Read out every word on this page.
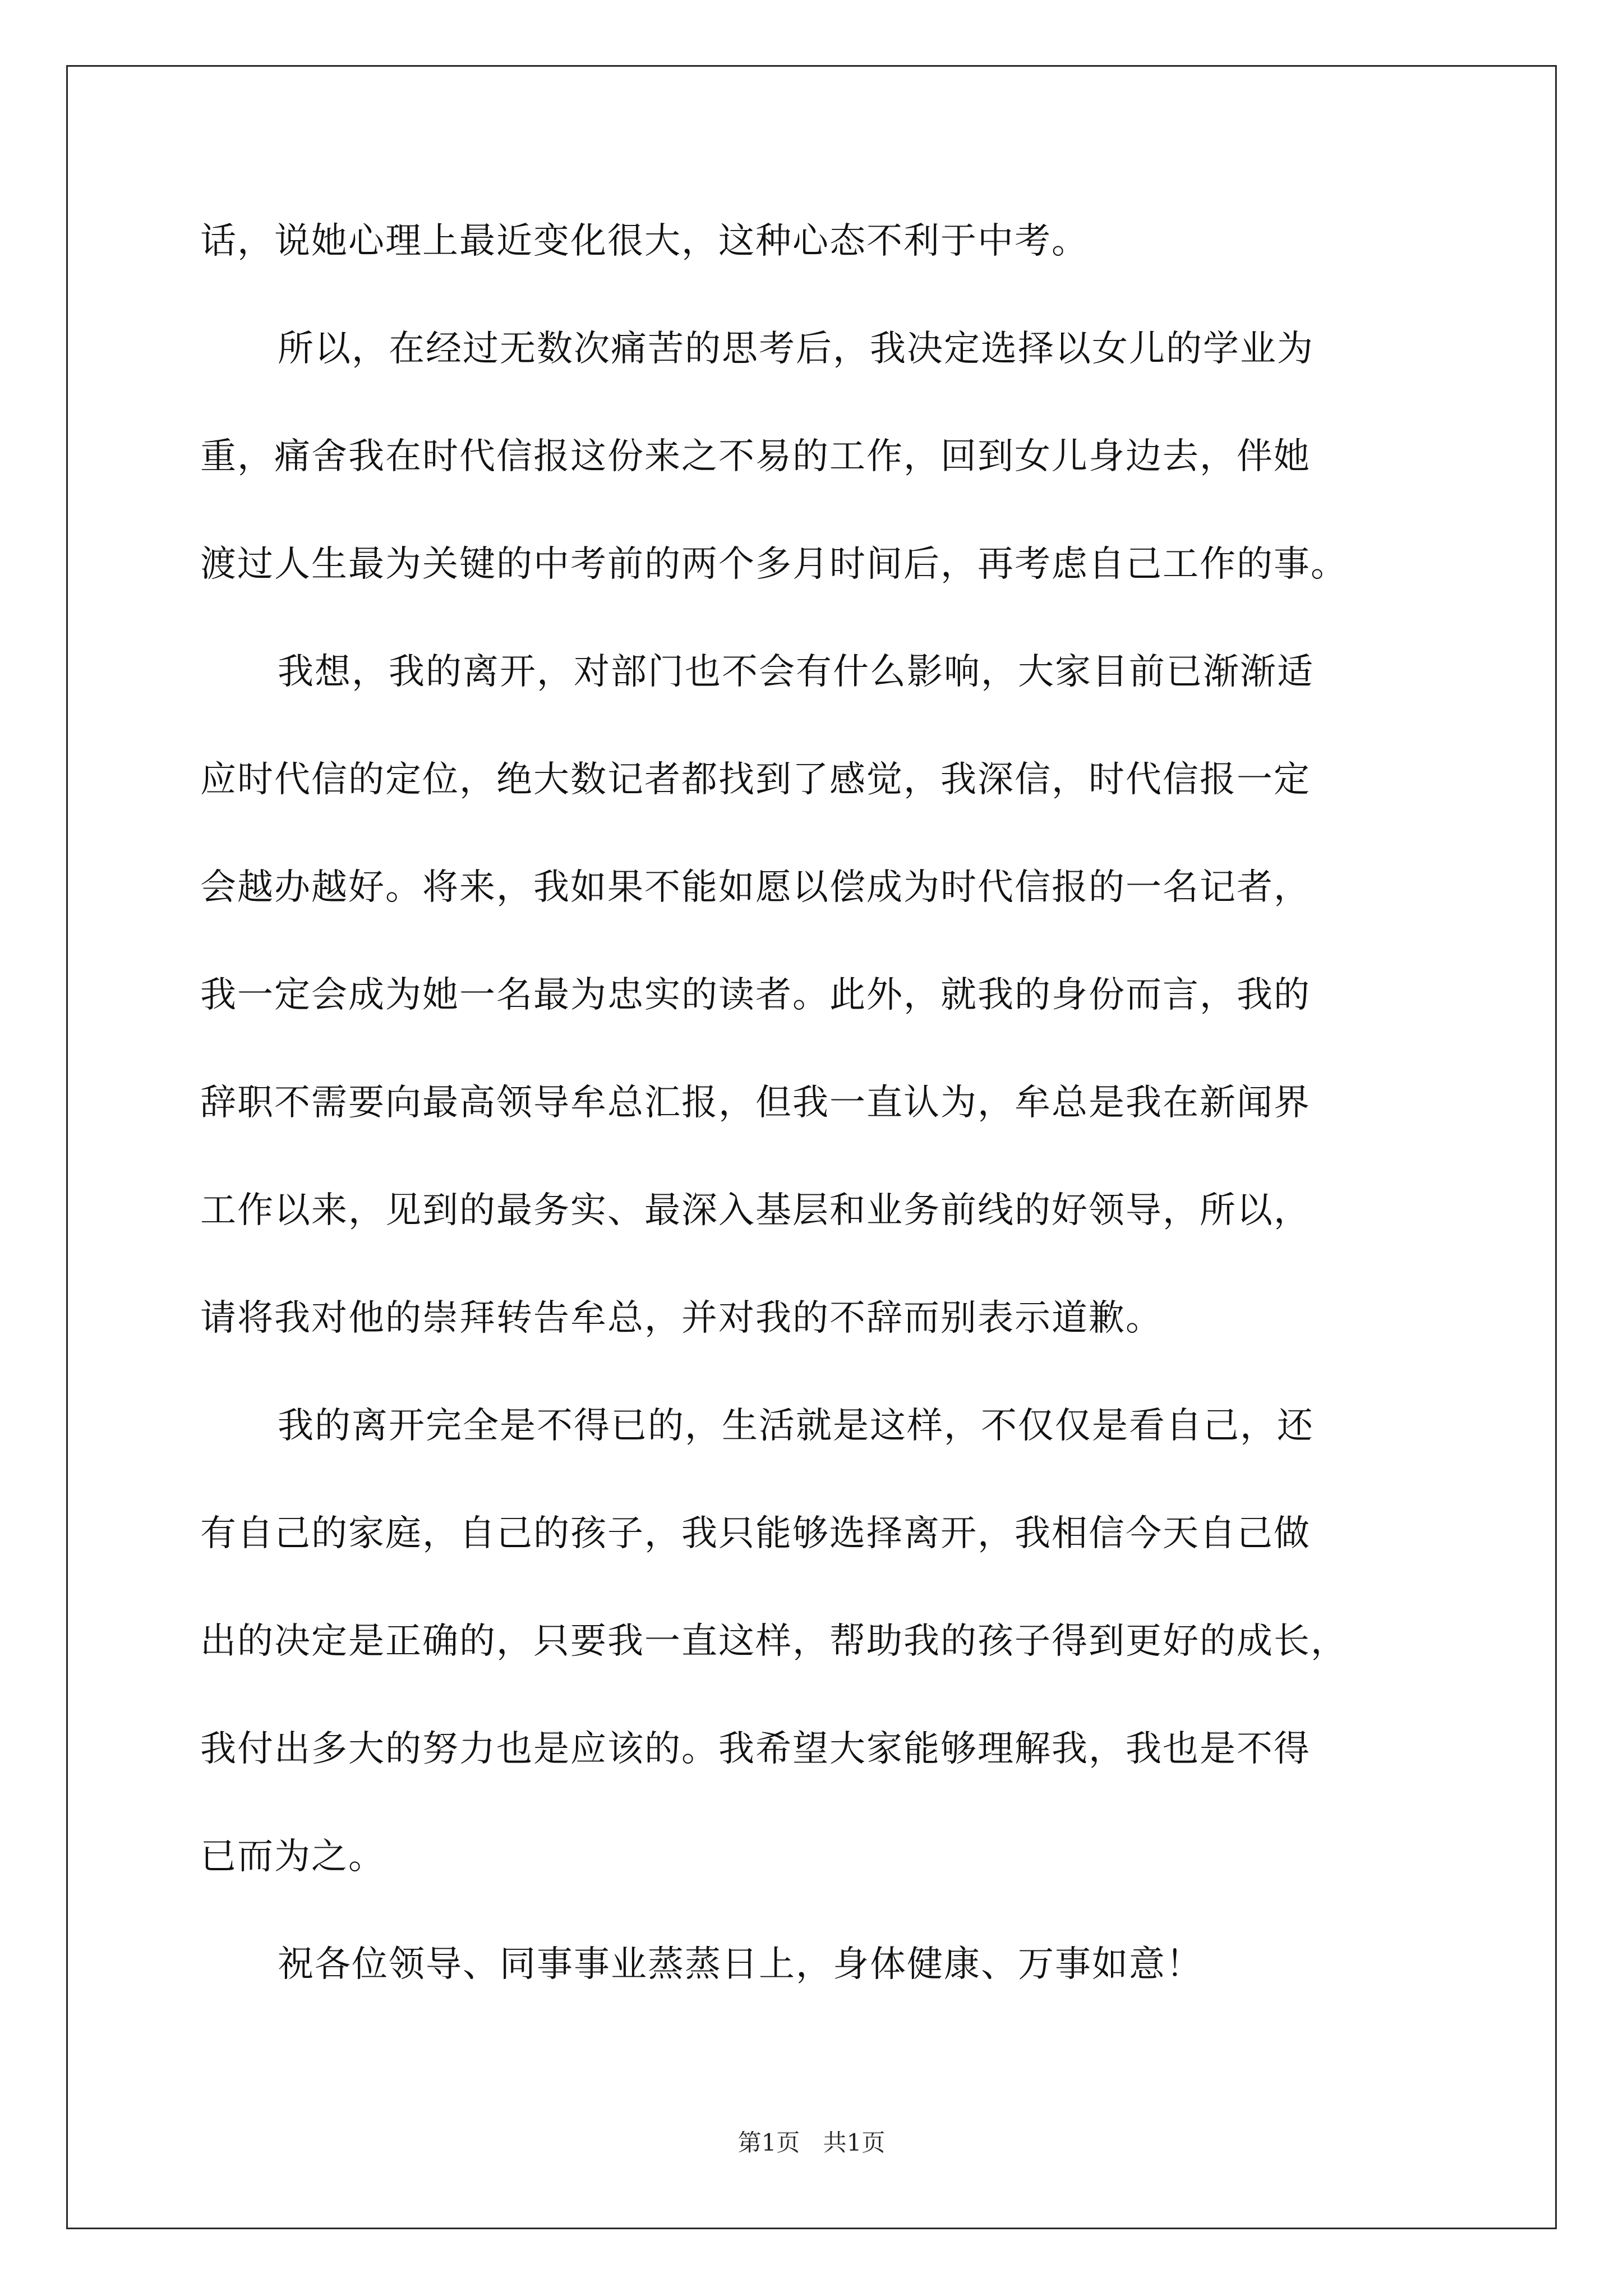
话，说她心理上最近变化很大，这种心态不利于中考。
所以，在经过无数次痛苦的思考后，我决定选择以女儿的学业为
重，痛舍我在时代信报这份来之不易的工作，回到女儿身边去，伴她
渡过人生最为关键的中考前的两个多月时间后，再考虑自己工作的事。
我想，我的离开，对部门也不会有什么影响，大家目前已渐渐适
应时代信的定位，绝大数记者都找到了感觉，我深信，时代信报一定
会越办越好。将来，我如果不能如愿以偿成为时代信报的一名记者，
我一定会成为她一名最为忠实的读者。此外，就我的身份而言，我的
辞职不需要向最高领导牟总汇报，但我一直认为，牟总是我在新闻界
工作以来，见到的最务实、最深入基层和业务前线的好领导，所以，
请将我对他的崇拜转告牟总，并对我的不辞而别表示道歉。
我的离开完全是不得已的，生活就是这样，不仅仅是看自己，还
有自己的家庭，自己的孩子，我只能够选择离开，我相信今天自己做
出的决定是正确的，只要我一直这样，帮助我的孩子得到更好的成长，
我付出多大的努力也是应该的。我希望大家能够理解我，我也是不得
已而为之。
祝各位领导、同事事业蒸蒸日上，身体健康、万事如意！
第1页 共1页
